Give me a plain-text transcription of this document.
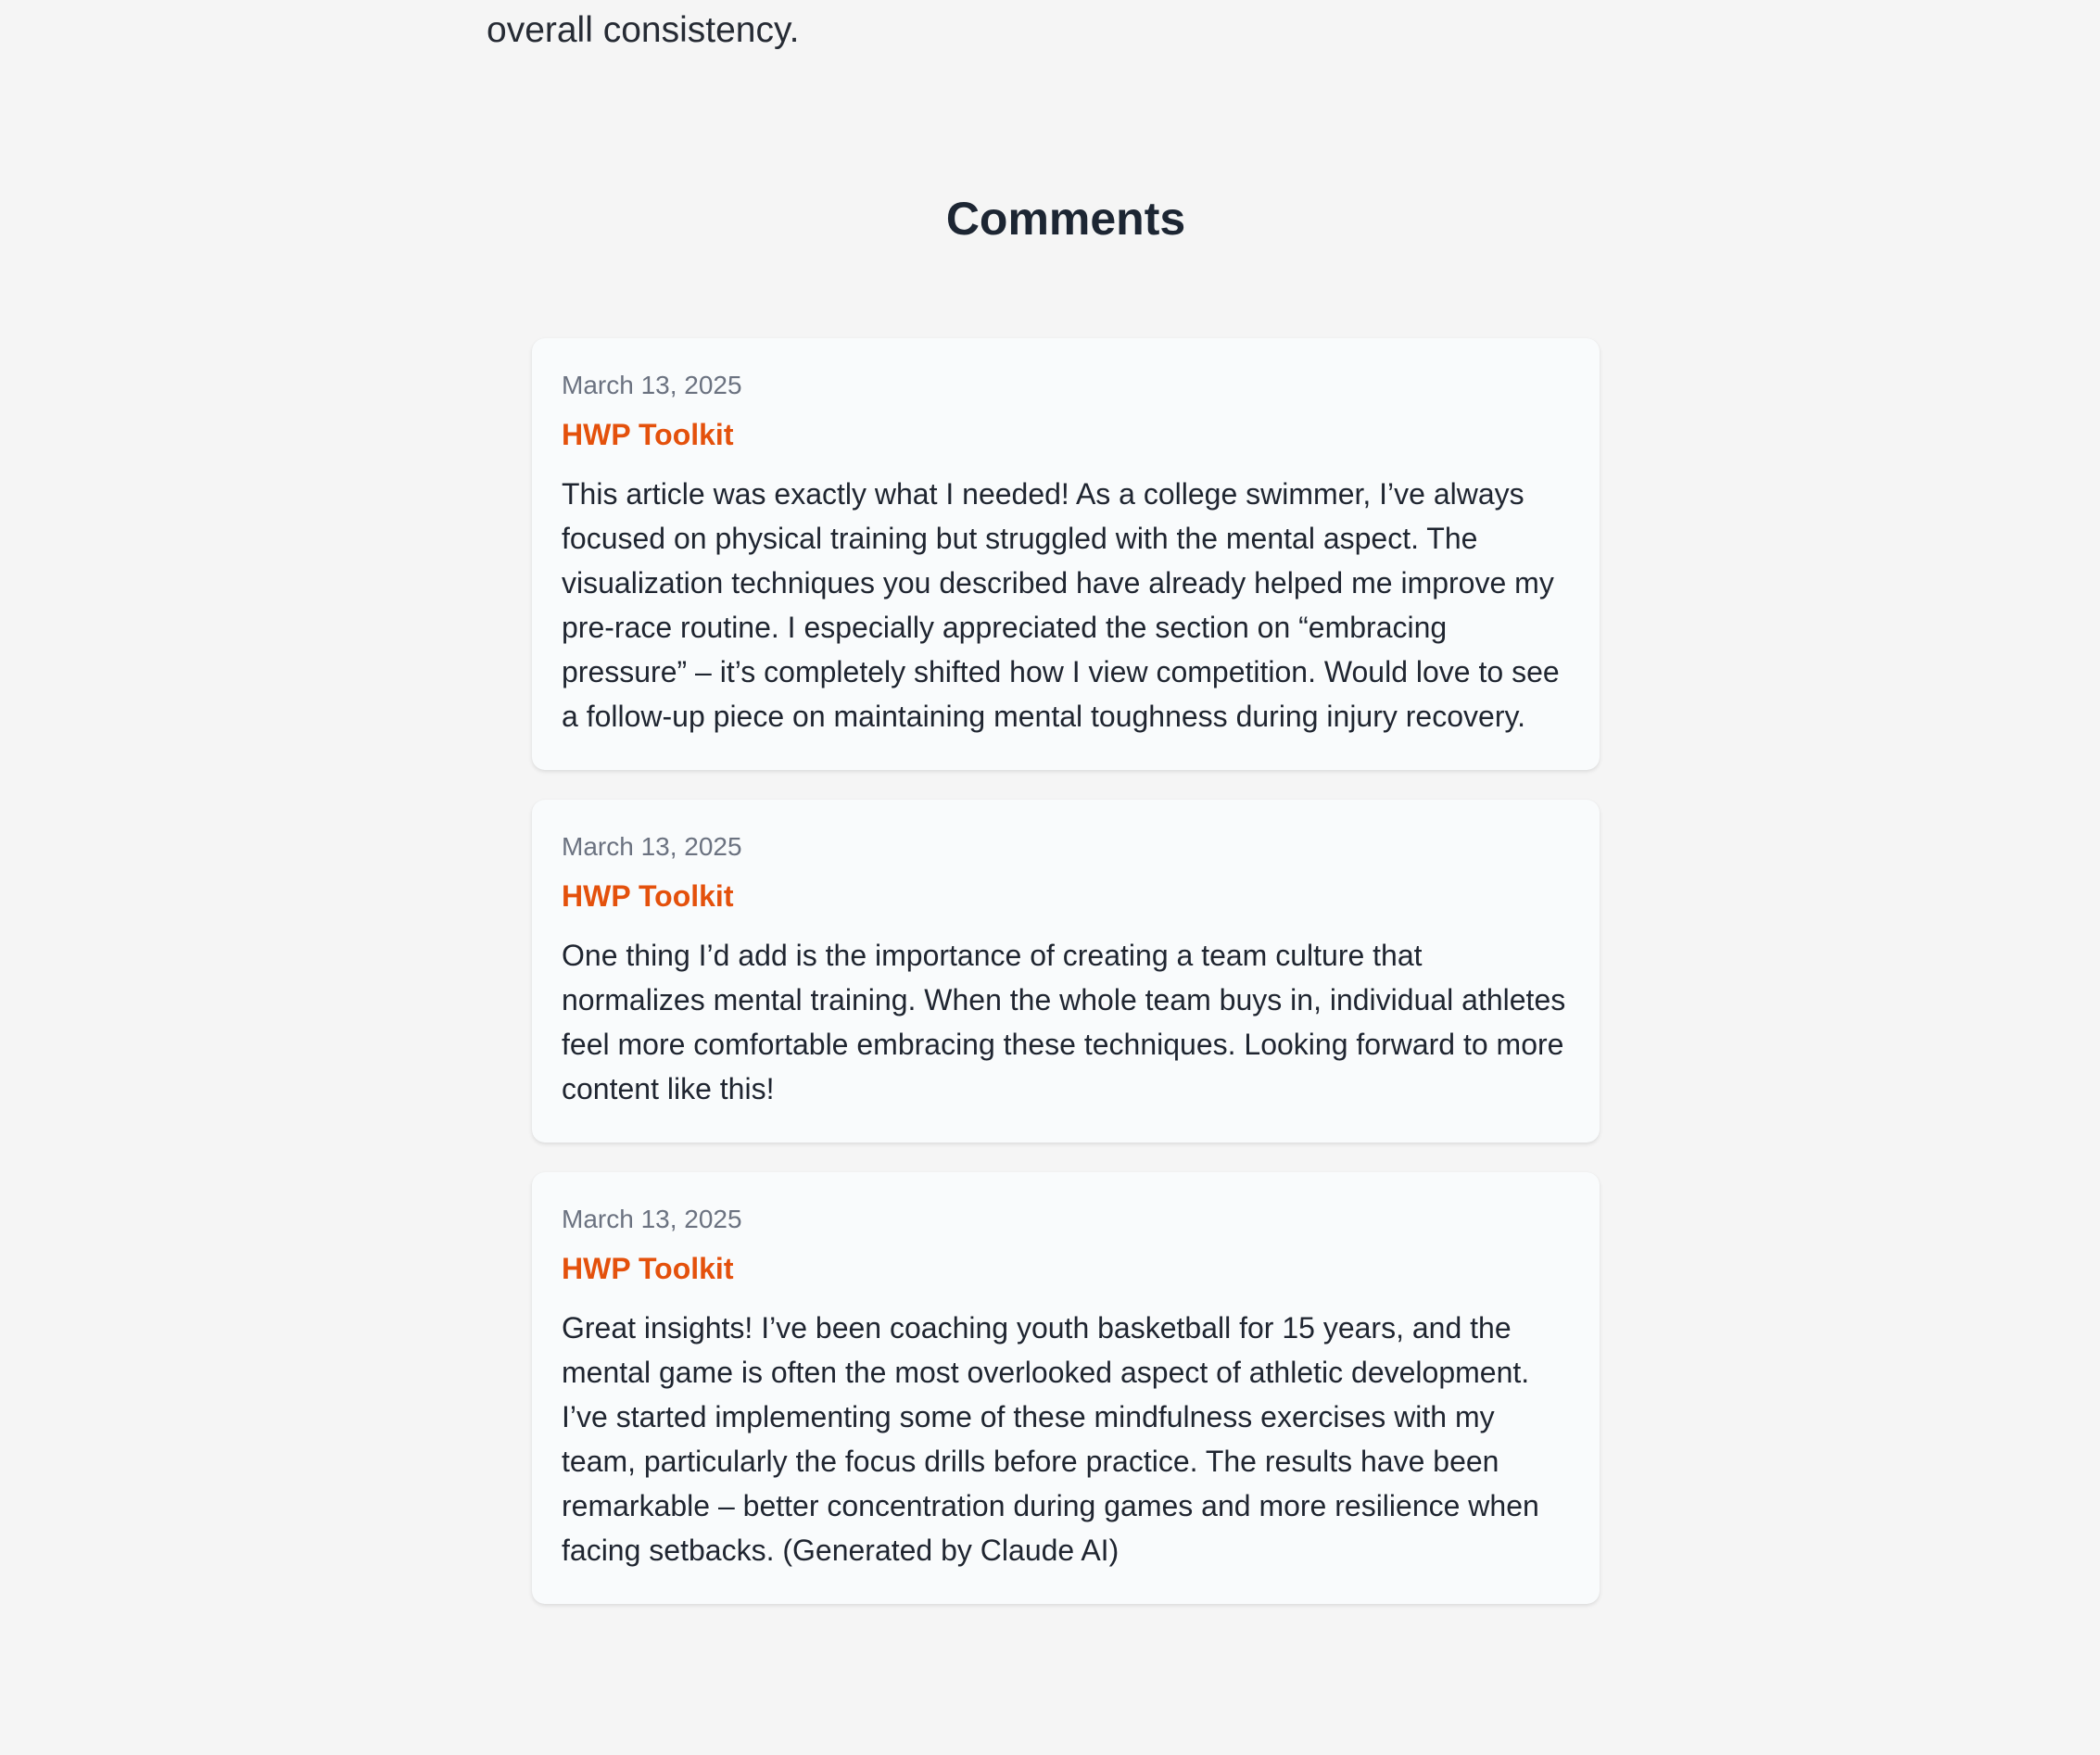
overall consistency.

Comments

March 13, 2025

HWP Toolkit

This article was exactly what I needed! As a college swimmer, I’ve always focused on physical training but struggled with the mental aspect. The visualization techniques you described have already helped me improve my pre-race routine. I especially appreciated the section on “embracing pressure” – it’s completely shifted how I view competition. Would love to see a follow-up piece on maintaining mental toughness during injury recovery.

March 13, 2025

HWP Toolkit

One thing I’d add is the importance of creating a team culture that normalizes mental training. When the whole team buys in, individual athletes feel more comfortable embracing these techniques. Looking forward to more content like this!

March 13, 2025

HWP Toolkit

Great insights! I’ve been coaching youth basketball for 15 years, and the mental game is often the most overlooked aspect of athletic development. I’ve started implementing some of these mindfulness exercises with my team, particularly the focus drills before practice. The results have been remarkable – better concentration during games and more resilience when facing setbacks. (Generated by Claude AI)
